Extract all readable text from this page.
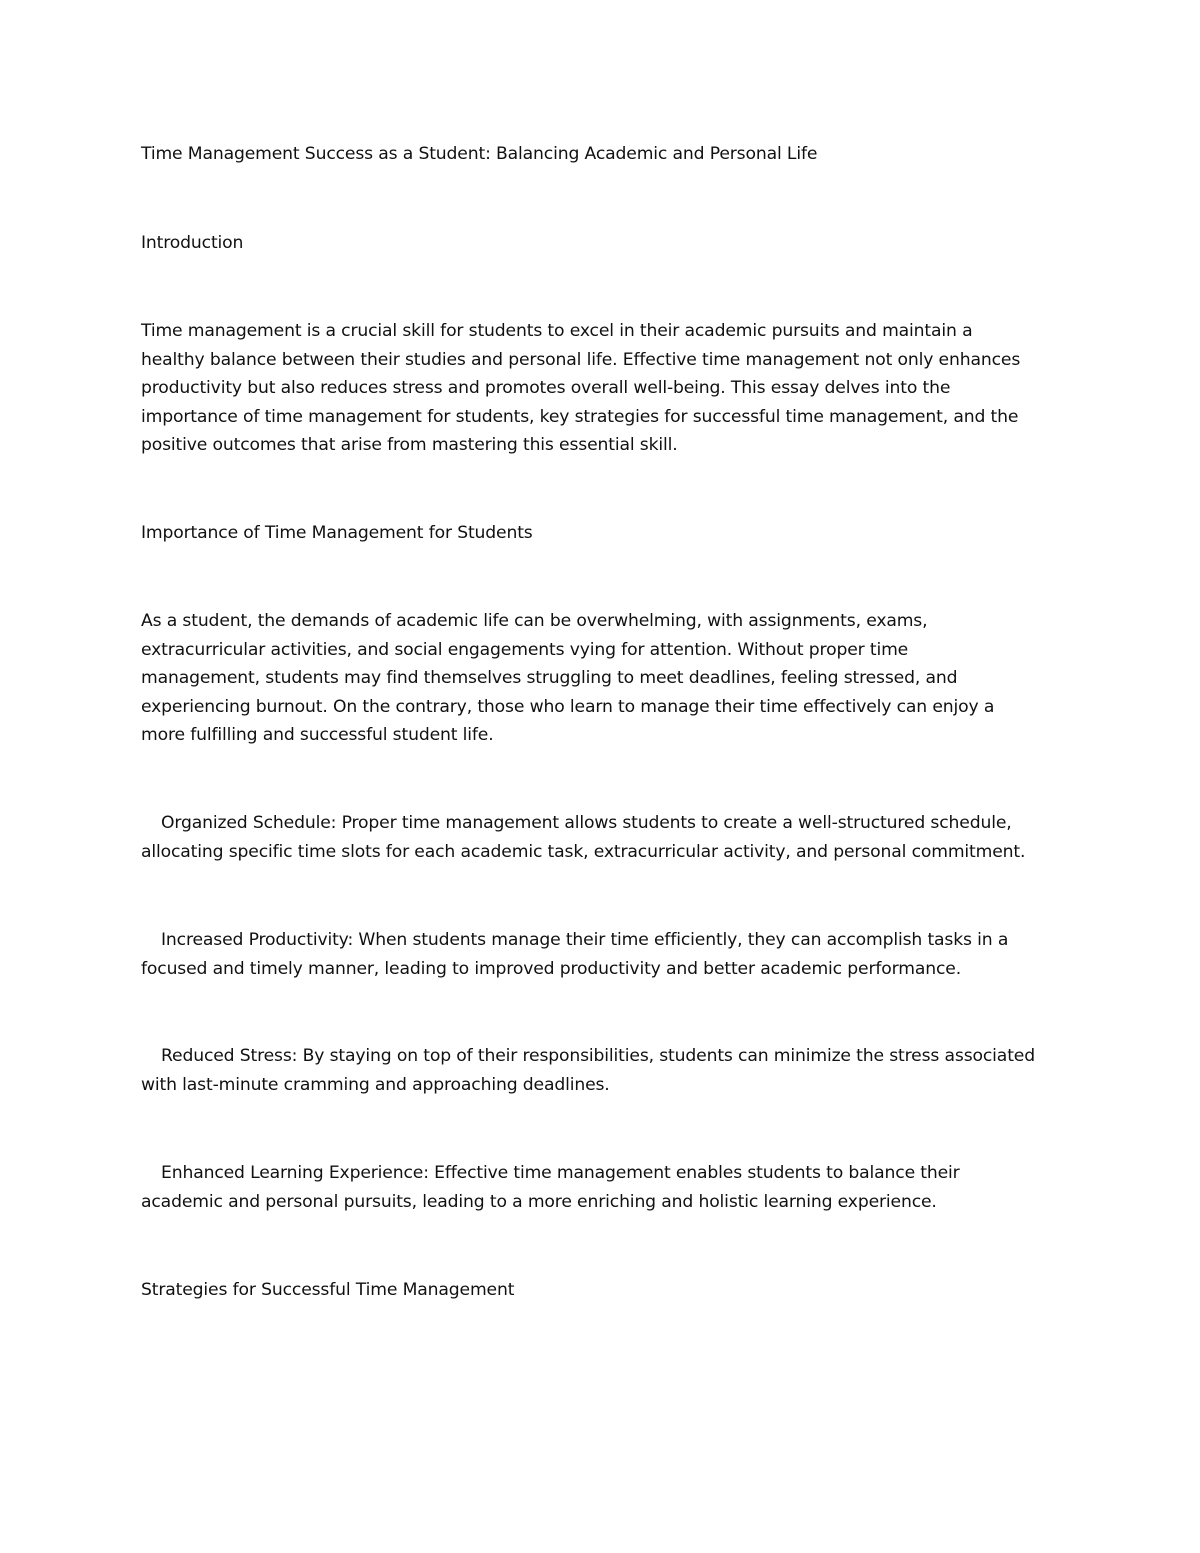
Time Management Success as a Student: Balancing Academic and Personal Life

Introduction

Time management is a crucial skill for students to excel in their academic pursuits and maintain a
healthy balance between their studies and personal life. Effective time management not only enhances
productivity but also reduces stress and promotes overall well-being. This essay delves into the
importance of time management for students, key strategies for successful time management, and the
positive outcomes that arise from mastering this essential skill.

Importance of Time Management for Students

As a student, the demands of academic life can be overwhelming, with assignments, exams,
extracurricular activities, and social engagements vying for attention. Without proper time
management, students may find themselves struggling to meet deadlines, feeling stressed, and
experiencing burnout. On the contrary, those who learn to manage their time effectively can enjoy a
more fulfilling and successful student life.
Organized Schedule: Proper time management allows students to create a well-structured schedule,
allocating specific time slots for each academic task, extracurricular activity, and personal commitment.
Increased Productivity: When students manage their time efficiently, they can accomplish tasks in a
focused and timely manner, leading to improved productivity and better academic performance.
Reduced Stress: By staying on top of their responsibilities, students can minimize the stress associated
with last-minute cramming and approaching deadlines.
Enhanced Learning Experience: Effective time management enables students to balance their
academic and personal pursuits, leading to a more enriching and holistic learning experience.

Strategies for Successful Time Management
